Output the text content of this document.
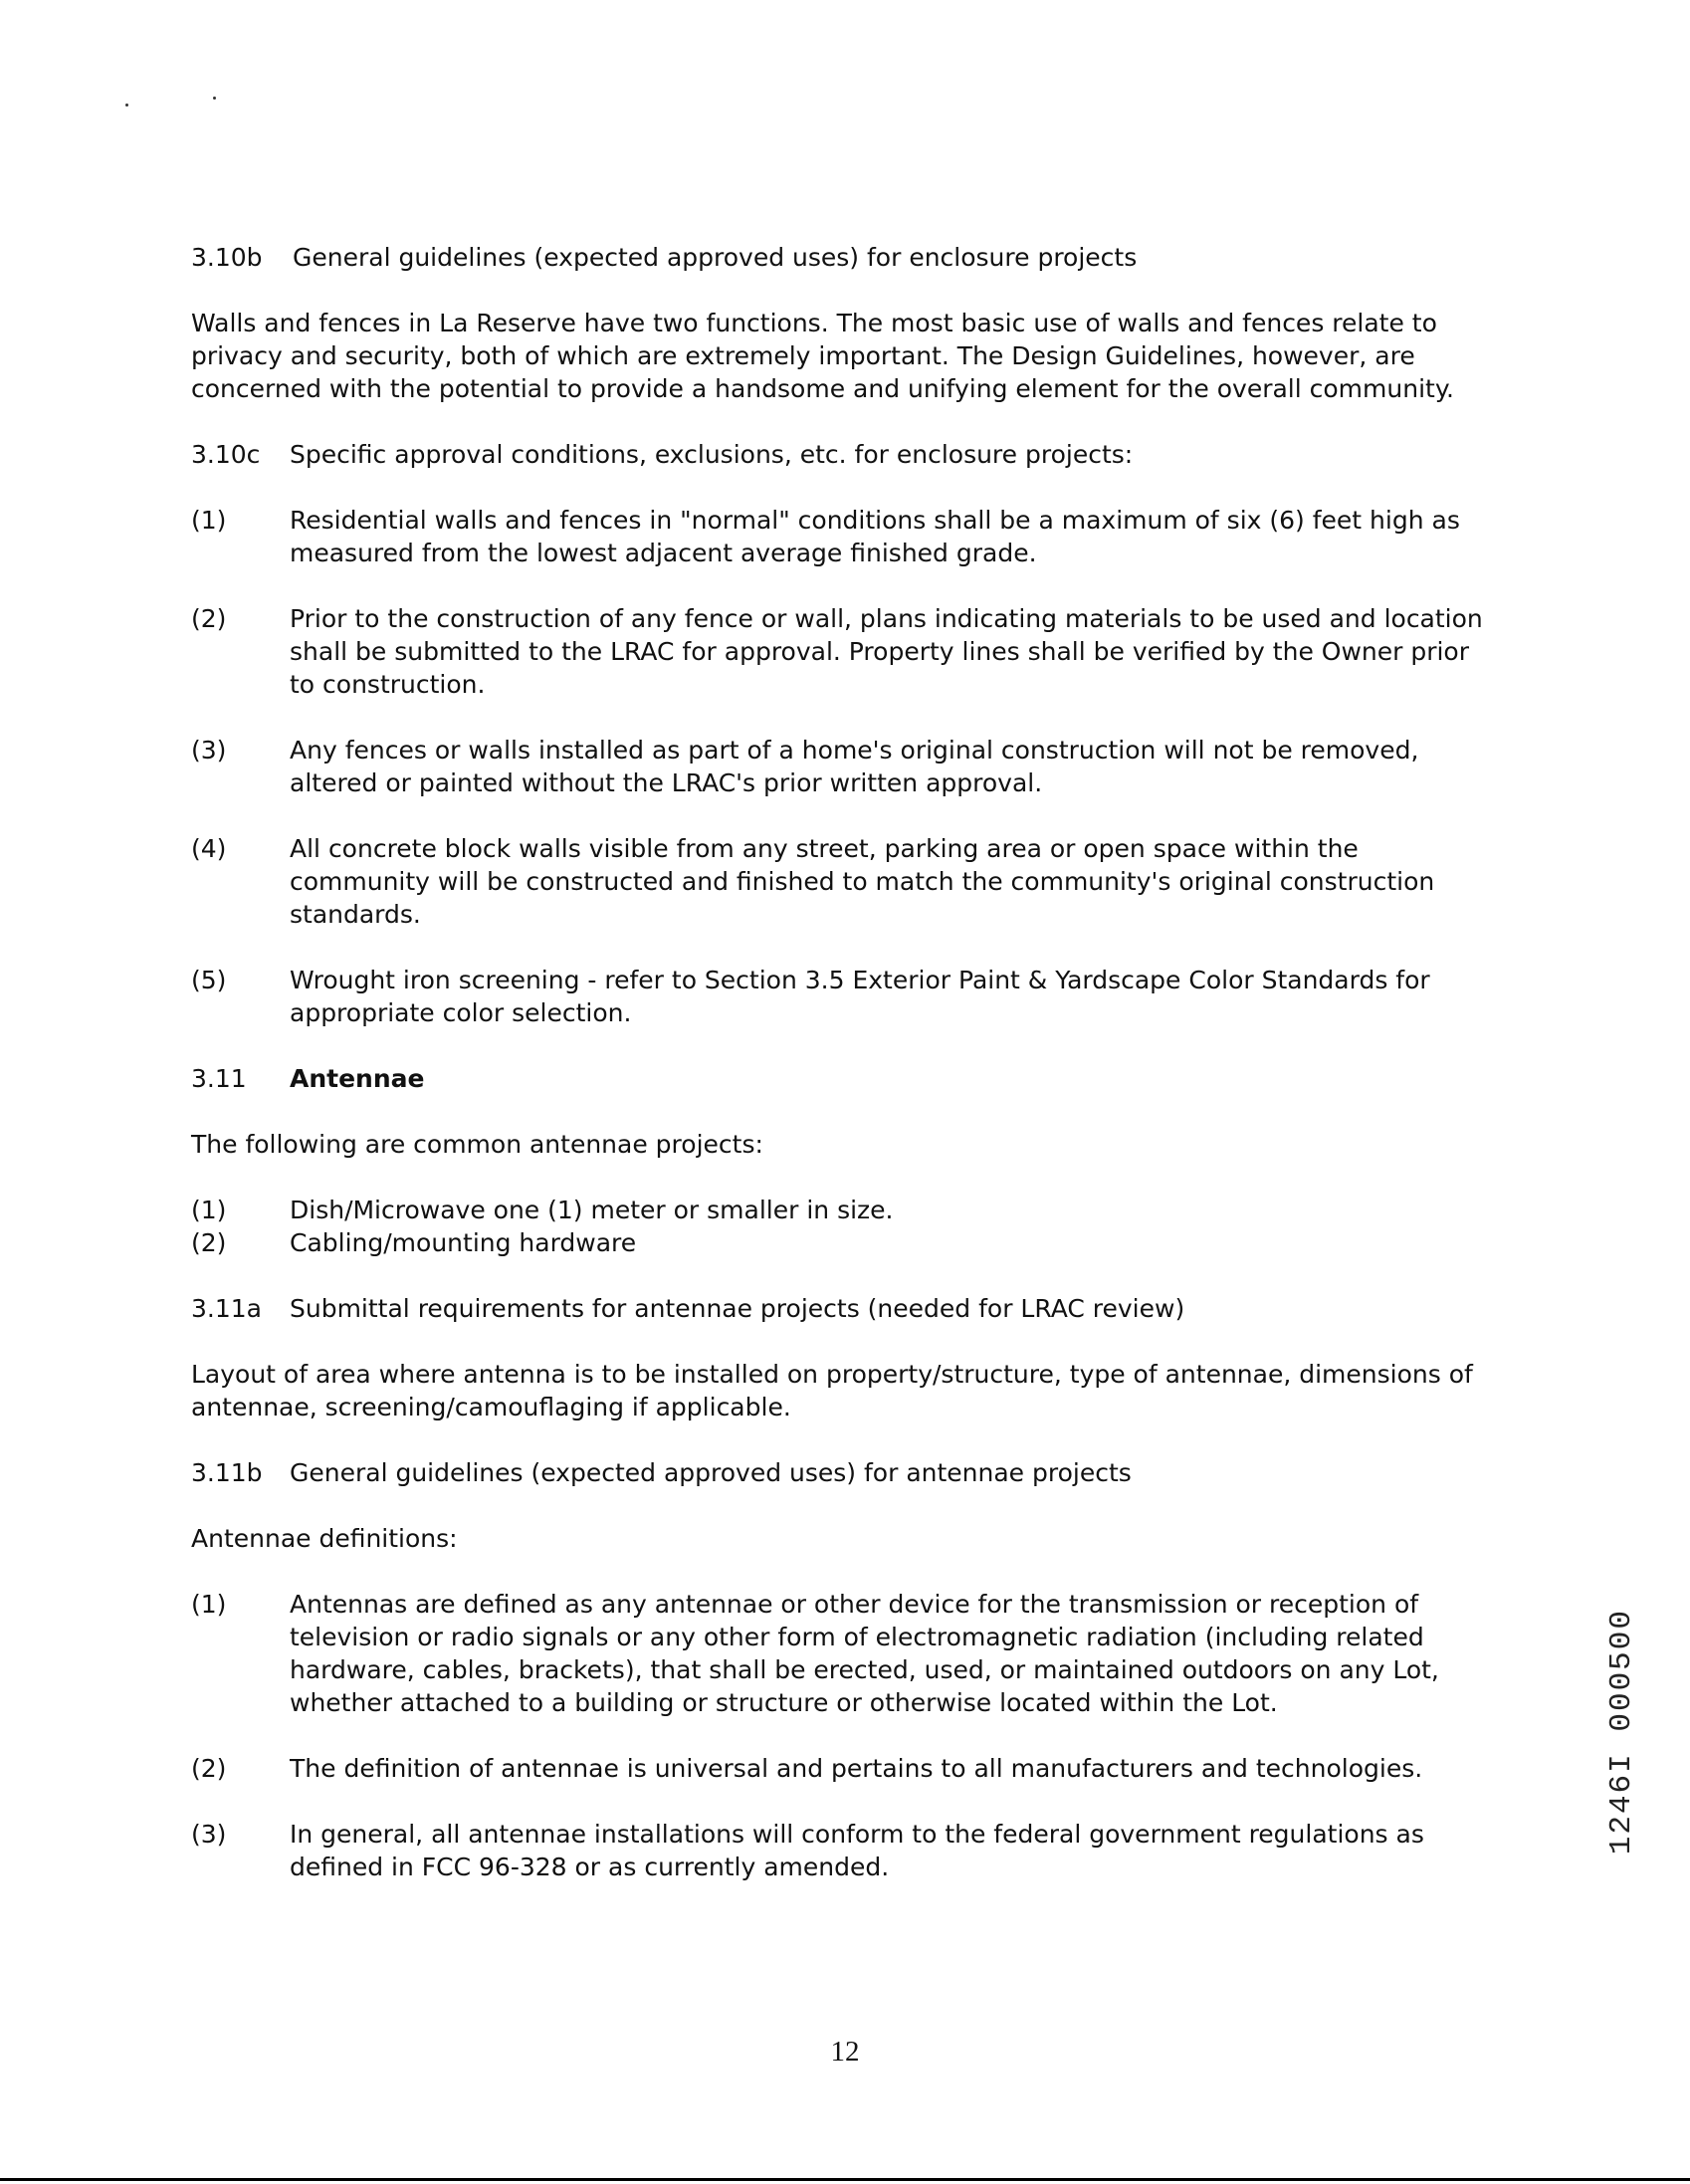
3.10b	General guidelines (expected approved uses) for enclosure projects

Walls and fences in La Reserve have two functions. The most basic use of walls and fences relate to privacy and security, both of which are extremely important. The Design Guidelines, however, are concerned with the potential to provide a handsome and unifying element for the overall community.

3.10c	Specific approval conditions, exclusions, etc. for enclosure projects:
(1)	Residential walls and fences in "normal" conditions shall be a maximum of six (6) feet high as measured from the lowest adjacent average finished grade.
(2)	Prior to the construction of any fence or wall, plans indicating materials to be used and location shall be submitted to the LRAC for approval. Property lines shall be verified by the Owner prior to construction.
(3)	Any fences or walls installed as part of a home's original construction will not be removed, altered or painted without the LRAC's prior written approval.
(4)	All concrete block walls visible from any street, parking area or open space within the community will be constructed and finished to match the community's original construction standards.
(5)	Wrought iron screening - refer to Section 3.5 Exterior Paint & Yardscape Color Standards for appropriate color selection.
3.11	Antennae

The following are common antennae projects:

(1)	Dish/Microwave one (1) meter or smaller in size.
(2)	Cabling/mounting hardware
3.11a	Submittal requirements for antennae projects (needed for LRAC review)

Layout of area where antenna is to be installed on property/structure, type of antennae, dimensions of antennae, screening/camouflaging if applicable.

3.11b	General guidelines (expected approved uses) for antennae projects

Antennae definitions:

(1)	Antennas are defined as any antennae or other device for the transmission or reception of television or radio signals or any other form of electromagnetic radiation (including related hardware, cables, brackets), that shall be erected, used, or maintained outdoors on any Lot, whether attached to a building or structure or otherwise located within the Lot.
(2)	The definition of antennae is universal and pertains to all manufacturers and technologies.
(3)	In general, all antennae installations will conform to the federal government regulations as defined in FCC 96-328 or as currently amended.
1246I 000500
12
